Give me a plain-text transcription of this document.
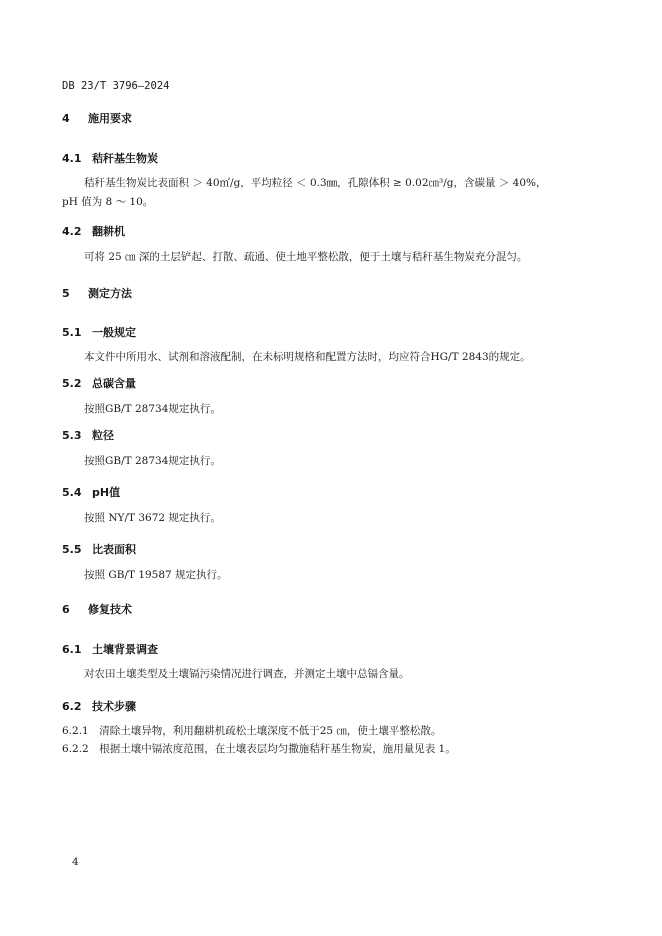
DB 23/T 3796—2024
4 施用要求
4.1 秸秆基生物炭
秸秆基生物炭比表面积 ＞ 40㎡/g，平均粒径 ＜ 0.3㎜，孔隙体积 ≥ 0.02㎝³/g，含碳量 ＞ 40%，
pH 值为 8 ～ 10。
4.2 翻耕机
可将 25 ㎝ 深的土层铲起、打散、疏通、使土地平整松散，便于土壤与秸秆基生物炭充分混匀。
5 测定方法
5.1 一般规定
本文件中所用水、试剂和溶液配制，在未标明规格和配置方法时，均应符合HG/T 2843的规定。
5.2 总碳含量
按照GB/T 28734规定执行。
5.3 粒径
按照GB/T 28734规定执行。
5.4 pH值
按照 NY/T 3672 规定执行。
5.5 比表面积
按照 GB/T 19587 规定执行。
6 修复技术
6.1 土壤背景调查
对农田土壤类型及土壤镉污染情况进行调查，并测定土壤中总镉含量。
6.2 技术步骤
6.2.1　清除土壤异物，利用翻耕机疏松土壤深度不低于25 ㎝，使土壤平整松散。
6.2.2　根据土壤中镉浓度范围，在土壤表层均匀撒施秸秆基生物炭，施用量见表 1。
4
